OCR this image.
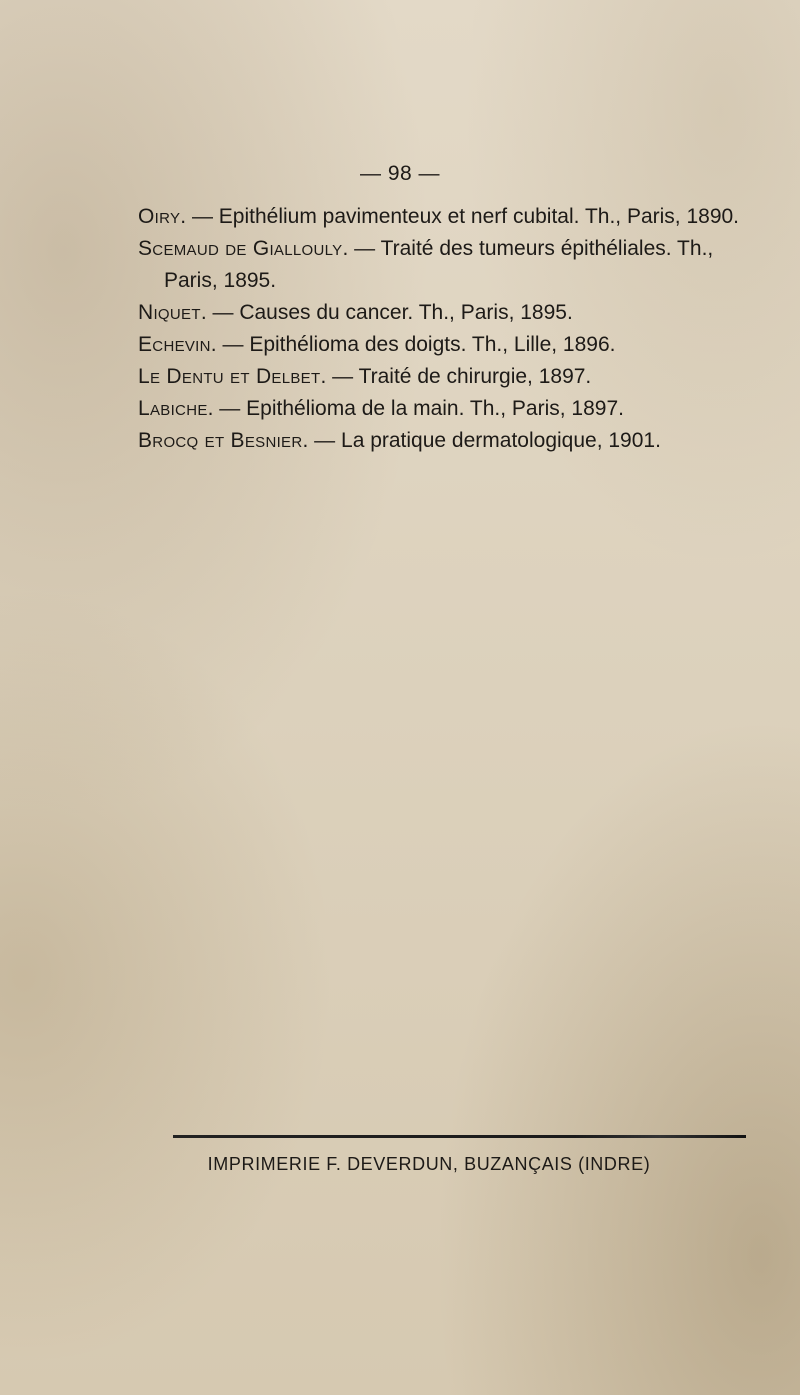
— 98 —
Oiry. — Epithélium pavimenteux et nerf cubital. Th., Paris, 1890.
Scemaud de Giallouly. — Traité des tumeurs épithéliales. Th., Paris, 1895.
Niquet. — Causes du cancer. Th., Paris, 1895.
Echevin. — Epithélioma des doigts. Th., Lille, 1896.
Le Dentu et Delbet. — Traité de chirurgie, 1897.
Labiche. — Epithélioma de la main. Th., Paris, 1897.
Brocq et Besnier. — La pratique dermatologique, 1901.
IMPRIMERIE F. DEVERDUN, BUZANÇAIS (INDRE)
